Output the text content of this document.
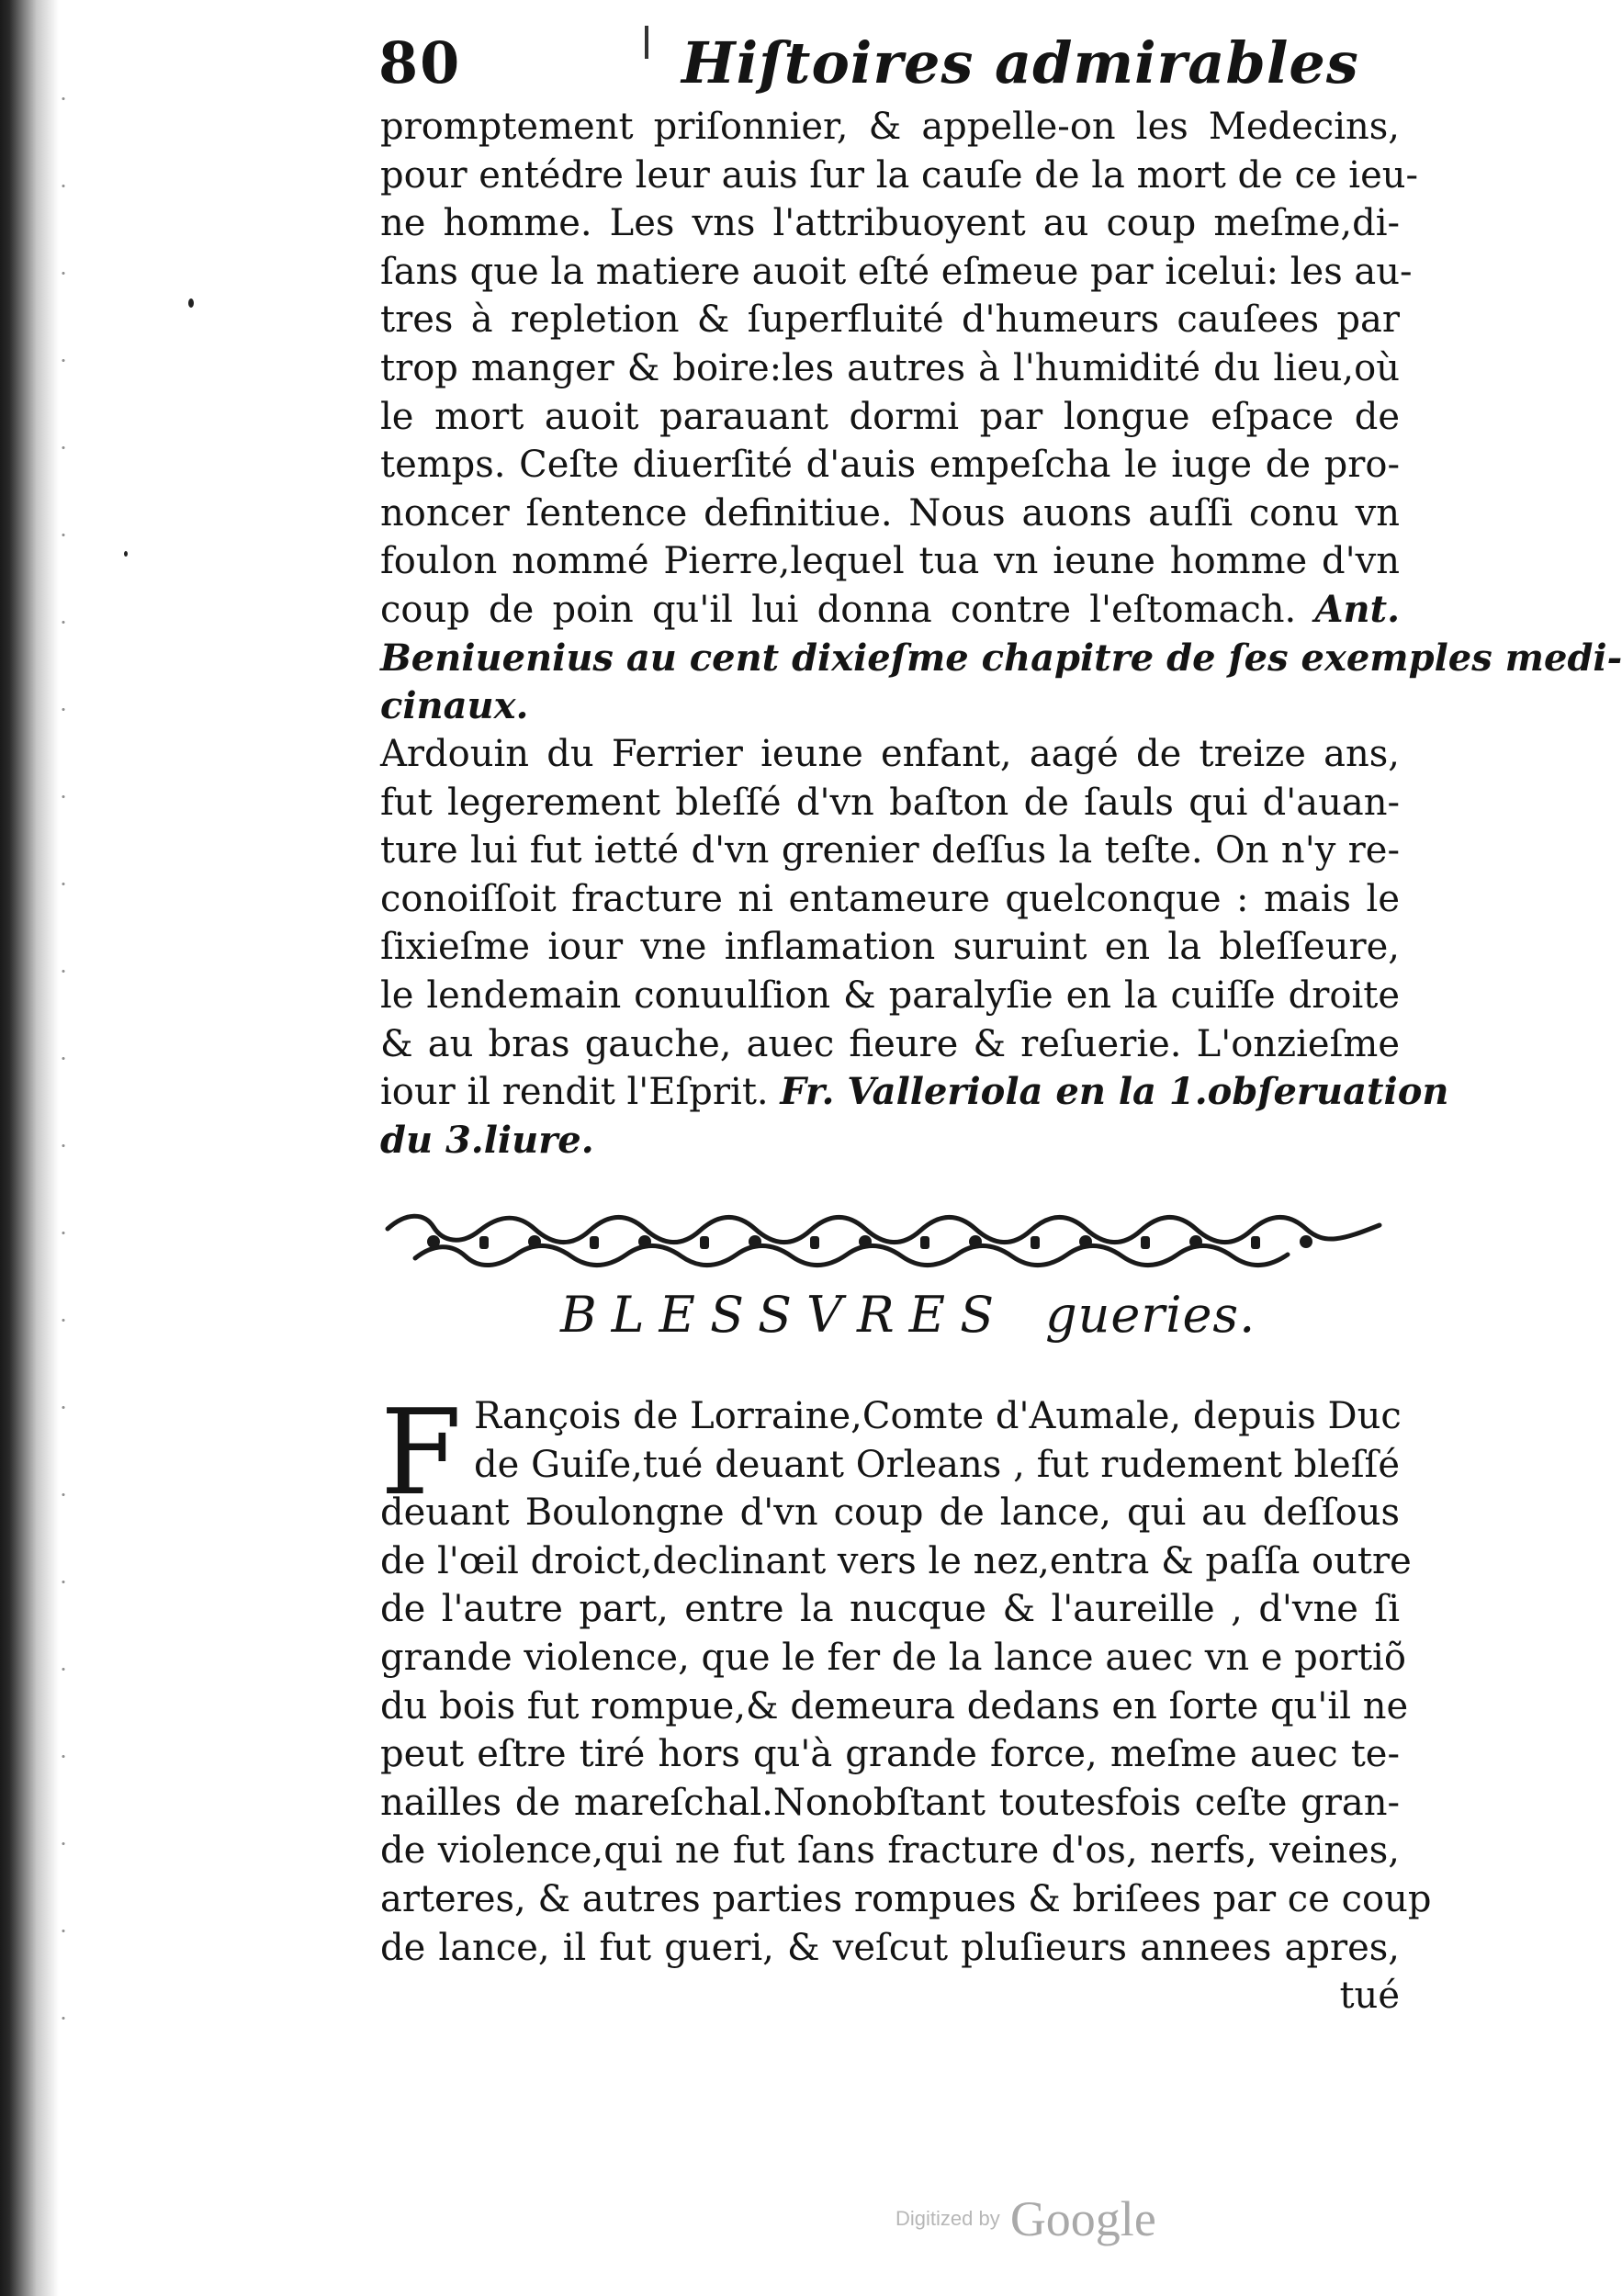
80	Hiſtoires admirables
promptement priſonnier, & appelle-on les Medecins,
pour entédre leur auis ſur la cauſe de la mort de ce ieu-
ne homme. Les vns l'attribuoyent au coup meſme,di-
ſans que la matiere auoit eſté eſmeue par icelui: les au-
tres à repletion & ſuperfluité d'humeurs cauſees par
trop manger & boire:les autres à l'humidité du lieu,où
le mort auoit parauant dormi par longue eſpace de
temps. Ceſte diuerſité d'auis empeſcha le iuge de pro-
noncer ſentence definitiue. Nous auons auſſi conu vn
foulon nommé Pierre,lequel tua vn ieune homme d'vn
coup de poin qu'il lui donna contre l'eſtomach. Ant.
Beniuenius au cent dixieſme chapitre de ſes exemples medi-
cinaux.
Ardouin du Ferrier ieune enfant, aagé de treize ans,
fut legerement bleſſé d'vn baſton de ſauls qui d'auan-
ture lui fut ietté d'vn grenier deſſus la teſte. On n'y re-
conoiſſoit fracture ni entameure quelconque : mais le
ſixieſme iour vne inflamation suruint en la bleſſeure,
le lendemain conuulſion & paralyſie en la cuiſſe droite
& au bras gauche, auec fieure & reſuerie. L'onzieſme
iour il rendit l'Eſprit. Fr. Valleriola en la 1.obſeruation
du 3.liure.
BLESSVRES gueries.
F Rançois de Lorraine,Comte d'Aumale, depuis Duc
de Guiſe,tué deuant Orleans , fut rudement bleſſé
deuant Boulongne d'vn coup de lance, qui au deſſous
de l'œil droict,declinant vers le nez,entra & paſſa outre
de l'autre part, entre la nucque & l'aureille , d'vne ſi
grande violence, que le fer de la lance auec vn e portiõ
du bois fut rompue,& demeura dedans en ſorte qu'il ne
peut eſtre tiré hors qu'à grande force, meſme auec te-
nailles de mareſchal.Nonobſtant toutesfois ceſte gran-
de violence,qui ne fut ſans fracture d'os, nerfs, veines,
arteres, & autres parties rompues & briſees par ce coup
de lance, il fut gueri, & veſcut pluſieurs annees apres,
tué
Digitized by Google
